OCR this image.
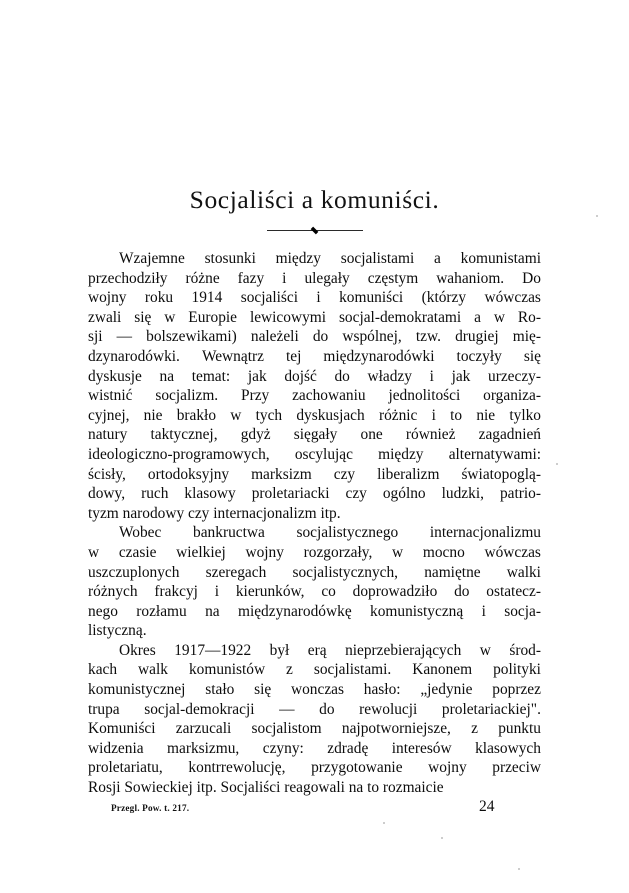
Socjaliści a komuniści.
Wzajemne stosunki między socjalistami a komunistami
przechodziły różne fazy i ulegały częstym wahaniom. Do
wojny roku 1914 socjaliści i komuniści (którzy wówczas
zwali się w Europie lewicowymi socjal-demokratami a w Ro-
sji — bolszewikami) należeli do wspólnej, tzw. drugiej mię-
dzynarodówki. Wewnątrz tej międzynarodówki toczyły się
dyskusje na temat: jak dojść do władzy i jak urzeczy-
wistnić socjalizm. Przy zachowaniu jednolitości organiza-
cyjnej, nie brakło w tych dyskusjach różnic i to nie tylko
natury taktycznej, gdyż sięgały one również zagadnień
ideologiczno-programowych, oscylując między alternatywami:
ścisły, ortodoksyjny marksizm czy liberalizm światopoglą-
dowy, ruch klasowy proletariacki czy ogólno ludzki, patrio-
tyzm narodowy czy internacjonalizm itp.
Wobec bankructwa socjalistycznego internacjonalizmu
w czasie wielkiej wojny rozgorzały, w mocno wówczas
uszczuplonych szeregach socjalistycznych, namiętne walki
różnych frakcyj i kierunków, co doprowadziło do ostatecz-
nego rozłamu na międzynarodówkę komunistyczną i socja-
listyczną.
Okres 1917—1922 był erą nieprzebierających w środ-
kach walk komunistów z socjalistami. Kanonem polityki
komunistycznej stało się wonczas hasło: „jedynie poprzez
trupa socjal-demokracji — do rewolucji proletariackiej".
Komuniści zarzucali socjalistom najpotworniejsze, z punktu
widzenia marksizmu, czyny: zdradę interesów klasowych
proletariatu, kontrrewolucję, przygotowanie wojny przeciw
Rosji Sowieckiej itp. Socjaliści reagowali na to rozmaicie
Przegl. Pow. t. 217.	24
